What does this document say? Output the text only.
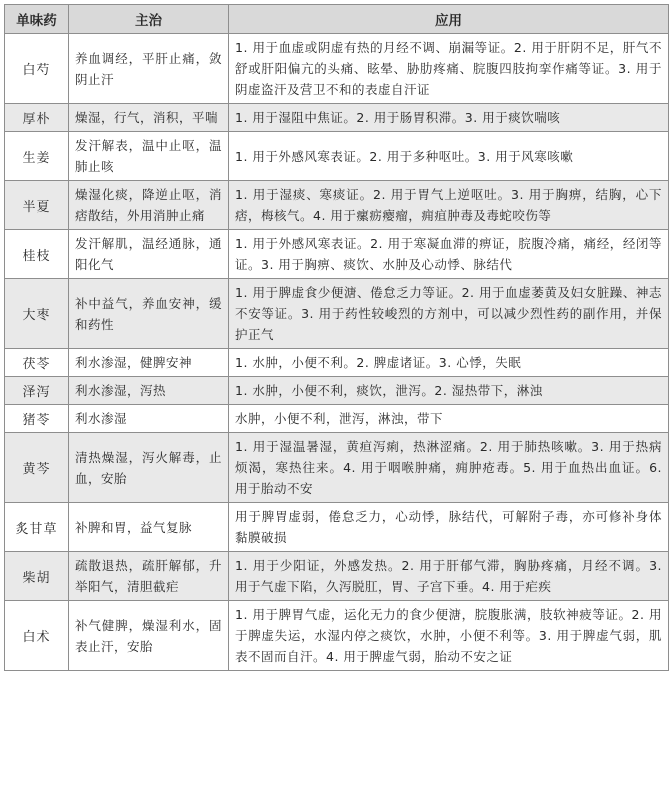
单味药	主治	应用
白芍	养血调经，平肝止痛，敛阴止汗	1. 用于血虚或阴虚有热的月经不调、崩漏等证。2. 用于肝阴不足，肝气不舒或肝阳偏亢的头痛、眩晕、胁肋疼痛、脘腹四肢拘挛作痛等证。3. 用于阴虚盗汗及营卫不和的表虚自汗证
厚朴	燥湿，行气，消积，平喘	1. 用于湿阻中焦证。2. 用于肠胃积滞。3. 用于痰饮喘咳
生姜	发汗解表，温中止呕，温肺止咳	1. 用于外感风寒表证。2. 用于多种呕吐。3. 用于风寒咳嗽
半夏	燥湿化痰，降逆止呕，消痞散结，外用消肿止痛	1. 用于湿痰、寒痰证。2. 用于胃气上逆呕吐。3. 用于胸痹，结胸，心下痞，梅核气。4. 用于瘰疬瘿瘤，痈疽肿毒及毒蛇咬伤等
桂枝	发汗解肌，温经通脉，通阳化气	1. 用于外感风寒表证。2. 用于寒凝血滞的痹证，脘腹冷痛，痛经，经闭等证。3. 用于胸痹、痰饮、水肿及心动悸、脉结代
大枣	补中益气，养血安神，缓和药性	1. 用于脾虚食少便溏、倦怠乏力等证。2. 用于血虚萎黄及妇女脏躁、神志不安等证。3. 用于药性较峻烈的方剂中，可以减少烈性药的副作用，并保护正气
茯苓	利水渗湿，健脾安神	1. 水肿，小便不利。2. 脾虚诸证。3. 心悸，失眠
泽泻	利水渗湿，泻热	1. 水肿，小便不利，痰饮，泄泻。2. 湿热带下，淋浊
猪苓	利水渗湿	水肿，小便不利，泄泻，淋浊，带下
黄芩	清热燥湿，泻火解毒，止血，安胎	1. 用于湿温暑湿，黄疸泻痢，热淋涩痛。2. 用于肺热咳嗽。3. 用于热病烦渴，寒热往来。4. 用于咽喉肿痛，痈肿疮毒。5. 用于血热出血证。6. 用于胎动不安
炙甘草	补脾和胃，益气复脉	用于脾胃虚弱，倦怠乏力，心动悸，脉结代，可解附子毒，亦可修补身体黏膜破损
柴胡	疏散退热，疏肝解郁，升举阳气，清胆截疟	1. 用于少阳证，外感发热。2. 用于肝郁气滞，胸胁疼痛，月经不调。3. 用于气虚下陷，久泻脱肛，胃、子宫下垂。4. 用于疟疾
白术	补气健脾，燥湿利水，固表止汗，安胎	1. 用于脾胃气虚，运化无力的食少便溏，脘腹胀满，肢软神疲等证。2. 用于脾虚失运，水湿内停之痰饮，水肿，小便不利等。3. 用于脾虚气弱，肌表不固而自汗。4. 用于脾虚气弱，胎动不安之证
